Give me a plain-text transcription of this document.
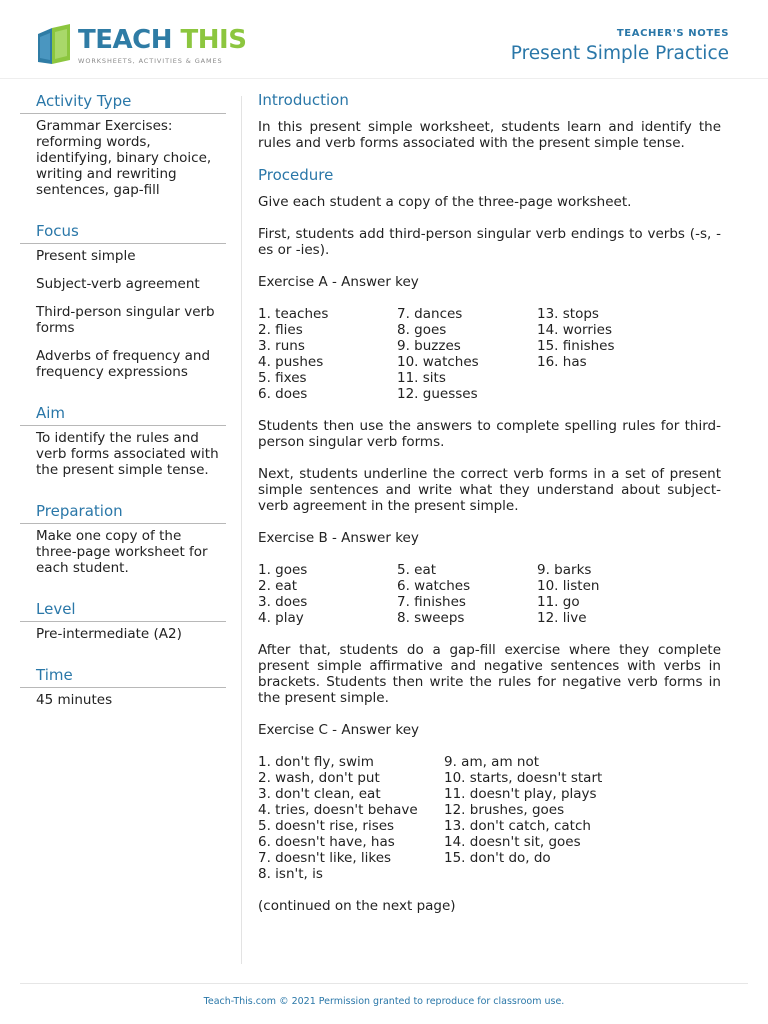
TEACH THIS
WORKSHEETS, ACTIVITIES & GAMES
TEACHER'S NOTES
Present Simple Practice
Activity Type
Grammar Exercises: reforming words, identifying, binary choice, writing and rewriting sentences, gap-fill
Focus
Present simple
Subject-verb agreement
Third-person singular verb forms
Adverbs of frequency and frequency expressions
Aim
To identify the rules and verb forms associated with the present simple tense.
Preparation
Make one copy of the three-page worksheet for each student.
Level
Pre-intermediate (A2)
Time
45 minutes
Introduction
In this present simple worksheet, students learn and identify the rules and verb forms associated with the present simple tense.
Procedure
Give each student a copy of the three-page worksheet.
First, students add third-person singular verb endings to verbs (-s, -es or -ies).
Exercise A - Answer key
1. teaches
2. flies
3. runs
4. pushes
5. fixes
6. does
7. dances
8. goes
9. buzzes
10. watches
11. sits
12. guesses
13. stops
14. worries
15. finishes
16. has
Students then use the answers to complete spelling rules for third-person singular verb forms.
Next, students underline the correct verb forms in a set of present simple sentences and write what they understand about subject-verb agreement in the present simple.
Exercise B - Answer key
1. goes
2. eat
3. does
4. play
5. eat
6. watches
7. finishes
8. sweeps
9. barks
10. listen
11. go
12. live
After that, students do a gap-fill exercise where they complete present simple affirmative and negative sentences with verbs in brackets. Students then write the rules for negative verb forms in the present simple.
Exercise C - Answer key
1. don't fly, swim
2. wash, don't put
3. don't clean, eat
4. tries, doesn't behave
5. doesn't rise, rises
6. doesn't have, has
7. doesn't like, likes
8. isn't, is
9. am, am not
10. starts, doesn't start
11. doesn't play, plays
12. brushes, goes
13. don't catch, catch
14. doesn't sit, goes
15. don't do, do
(continued on the next page)
Teach-This.com © 2021 Permission granted to reproduce for classroom use.
